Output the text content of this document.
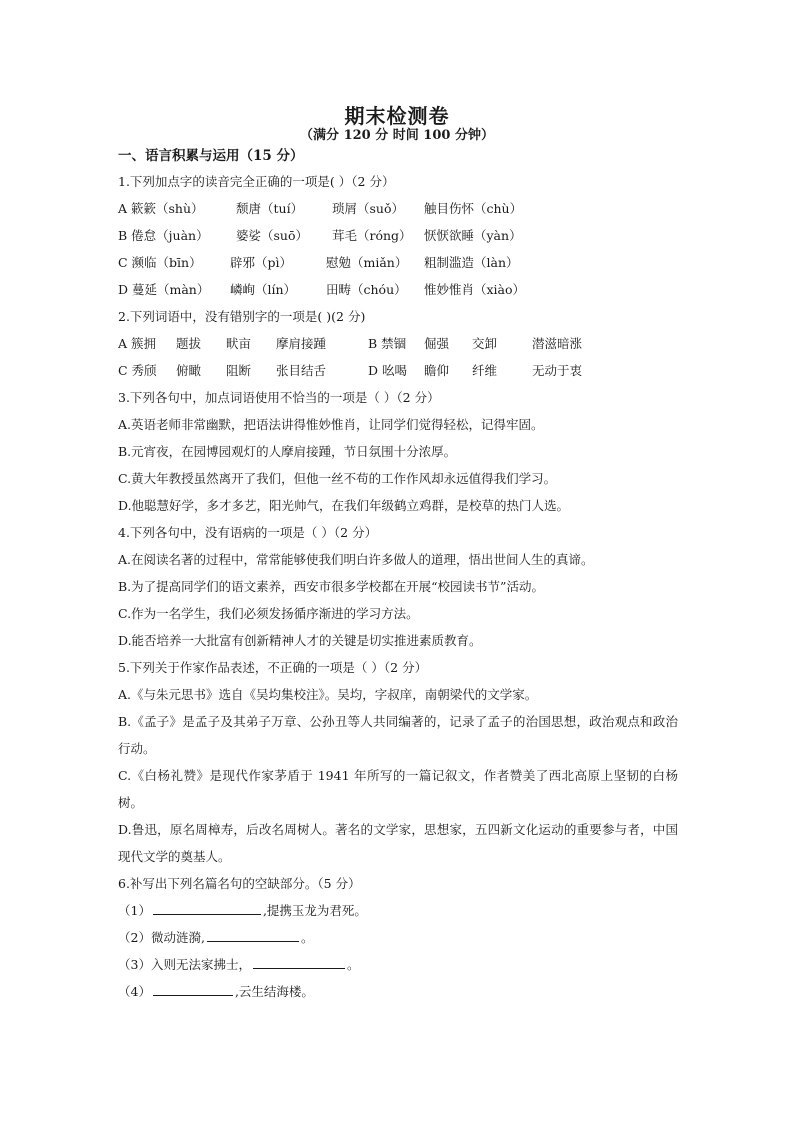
期末检测卷
（满分 120 分 时间 100 分钟）
一、语言积累与运用（15 分）
1.下列加点字的读音完全正确的一项是( ）（2 分）
A 簌簌（shù）	颓唐（tuí）	琐屑（suǒ）	触目伤怀（chù）
B 倦怠（juàn）	婆娑（suō）	茸毛（róng） 恹恹欲睡（yàn）
C 濒临（bīn）	辟邪（pì）	慰勉（miǎn）	粗制滥造（làn）
D 蔓延（màn）	嶙峋（lín）	田畴（chóu）	惟妙惟肖（xiào）
2.下列词语中，没有错别字的一项是( )(2 分)
A 簇拥	题拔	畎亩	摩肩接踵	B 禁锢	倔强	交卸	潜滋暗涨
C 秀颀	俯瞰	阻断	张目结舌	D 吆喝	瞻仰	纤维	无动于衷
3.下列各句中，加点词语使用不恰当的一项是（ ）（2 分）
A.英语老师非常幽默，把语法讲得惟妙惟肖，让同学们觉得轻松，记得牢固。
B.元宵夜，在园博园观灯的人摩肩接踵，节日氛围十分浓厚。
C.黄大年教授虽然离开了我们，但他一丝不苟的工作作风却永远值得我们学习。
D.他聪慧好学，多才多艺，阳光帅气，在我们年级鹤立鸡群，是校草的热门人选。
4.下列各句中，没有语病的一项是（ ）（2 分）
A.在阅读名著的过程中，常常能够使我们明白许多做人的道理，悟出世间人生的真谛。
B.为了提高同学们的语文素养，西安市很多学校都在开展“校园读书节”活动。
C.作为一名学生，我们必须发扬循序渐进的学习方法。
D.能否培养一大批富有创新精神人才的关键是切实推进素质教育。
5.下列关于作家作品表述，不正确的一项是（ ）（2 分）
A.《与朱元思书》选自《吴均集校注》。吴均，字叔庠，南朝梁代的文学家。
B.《孟子》是孟子及其弟子万章、公孙丑等人共同编著的，记录了孟子的治国思想，政治观点和政治行动。
C.《白杨礼赞》是现代作家茅盾于 1941 年所写的一篇记叙文，作者赞美了西北高原上坚韧的白杨树。
D.鲁迅，原名周樟寿，后改名周树人。著名的文学家，思想家，五四新文化运动的重要参与者，中国现代文学的奠基人。
6.补写出下列名篇名句的空缺部分。（5 分）
（1）	,提携玉龙为君死。
（2）微动涟漪,	。
（3）入则无法家拂士，	。
（4）	,云生结海楼。
